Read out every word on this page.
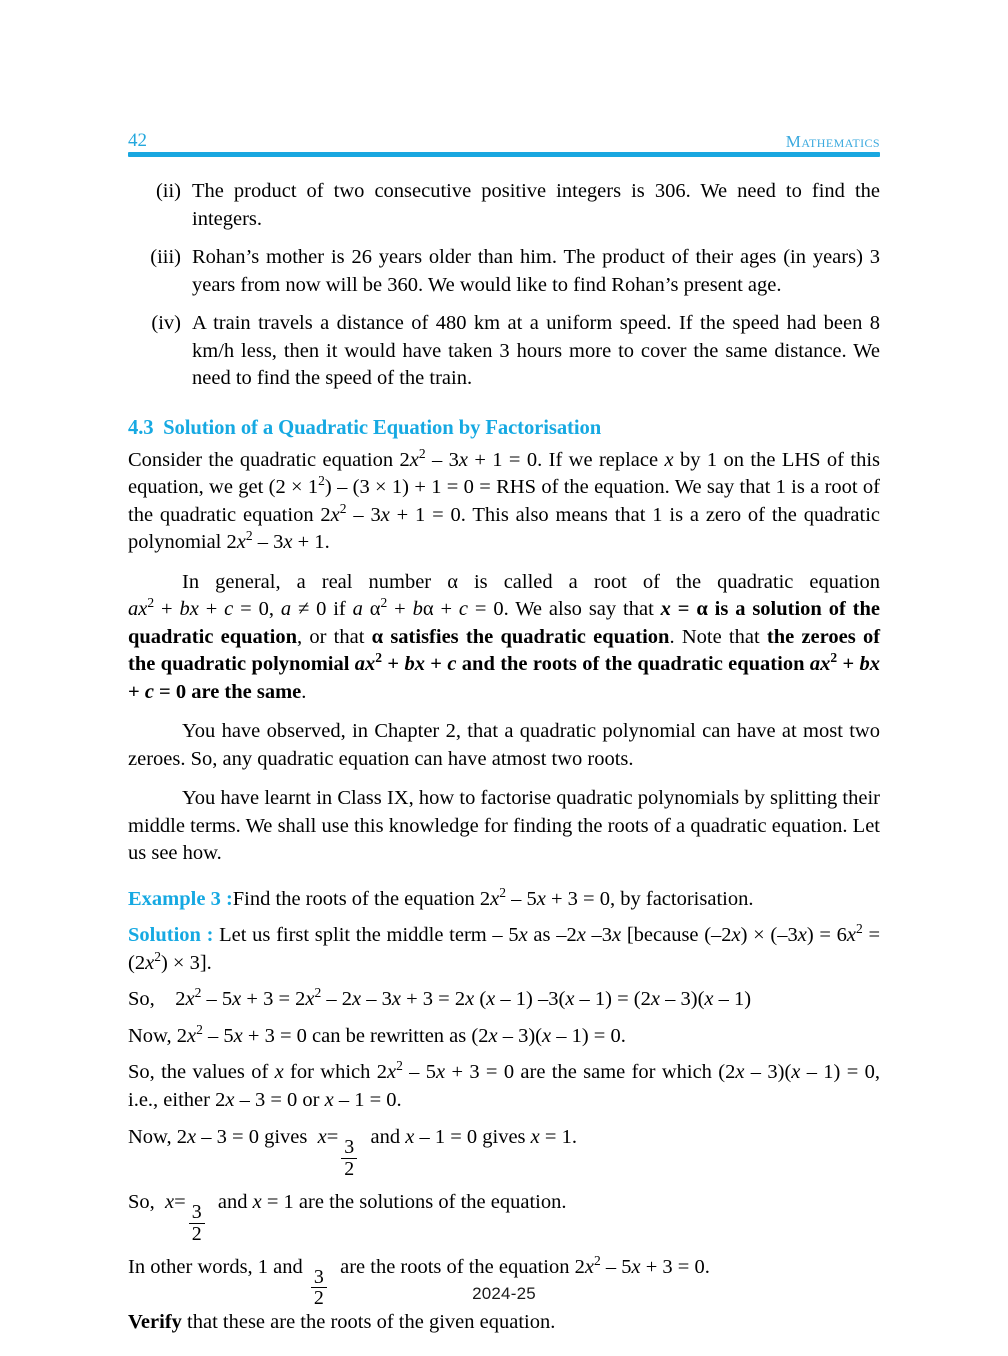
42	Mathematics
(ii) The product of two consecutive positive integers is 306. We need to find the integers.
(iii) Rohan’s mother is 26 years older than him. The product of their ages (in years) 3 years from now will be 360. We would like to find Rohan’s present age.
(iv) A train travels a distance of 480 km at a uniform speed. If the speed had been 8 km/h less, then it would have taken 3 hours more to cover the same distance. We need to find the speed of the train.
4.3 Solution of a Quadratic Equation by Factorisation

Consider the quadratic equation $2x^2 - 3x + 1 = 0$. If we replace x by 1 on the LHS of this equation, we get $(2 \times 1^2) - (3 \times 1) + 1 = 0$ = RHS of the equation. We say that 1 is a root of the quadratic equation $2x^2 - 3x + 1 = 0$. This also means that 1 is a zero of the quadratic polynomial $2x^2 - 3x + 1$.

In general, a real number α is called a root of the quadratic equation $ax^2$ + bx + c = 0, a ≠ 0 if a $\alpha^2 + b\alpha + c = 0$. We also say that x = α is a solution of the quadratic equation, or that α satisfies the quadratic equation. Note that the zeroes of the quadratic polynomial $ax^2$ + bx + c and the roots of the quadratic equation $ax^2$ + bx + c = 0 are the same.

You have observed, in Chapter 2, that a quadratic polynomial can have at most two zeroes. So, any quadratic equation can have atmost two roots.

You have learnt in Class IX, how to factorise quadratic polynomials by splitting their middle terms. We shall use this knowledge for finding the roots of a quadratic equation. Let us see how.

Example 3 :Find the roots of the equation $2x^2 - 5x + 3 = 0$, by factorisation.

Solution : Let us first split the middle term – 5x as –2x –3x [because $(-2x) \times (-3x) = 6x^2 = (2x^2) \times 3$].

So,    $2x^2 - 5x + 3 = 2x^2 - 2x - 3x + 3 = 2x$ (x – 1) –3(x – 1) = (2x – 3)(x – 1)

Now, $2x^2 - 5x + 3 = 0$ can be rewritten as (2x – 3)(x – 1) = 0.

So, the values of x for which $2x^2 - 5x + 3 = 0$ are the same for which (2x – 3)(x – 1) = 0, i.e., either 2x – 3 = 0 or x – 1 = 0.

Now, 2x – 3 = 0 gives  x=
$\frac{3}{2}$
and x – 1 = 0 gives x = 1.

So,  x=
$\frac{3}{2}$
and x = 1 are the solutions of the equation.

In other words, 1 and
$\frac{3}{2}$
are the roots of the equation $2x^2 - 5x + 3 = 0$.

Verify that these are the roots of the given equation.

2024-25
